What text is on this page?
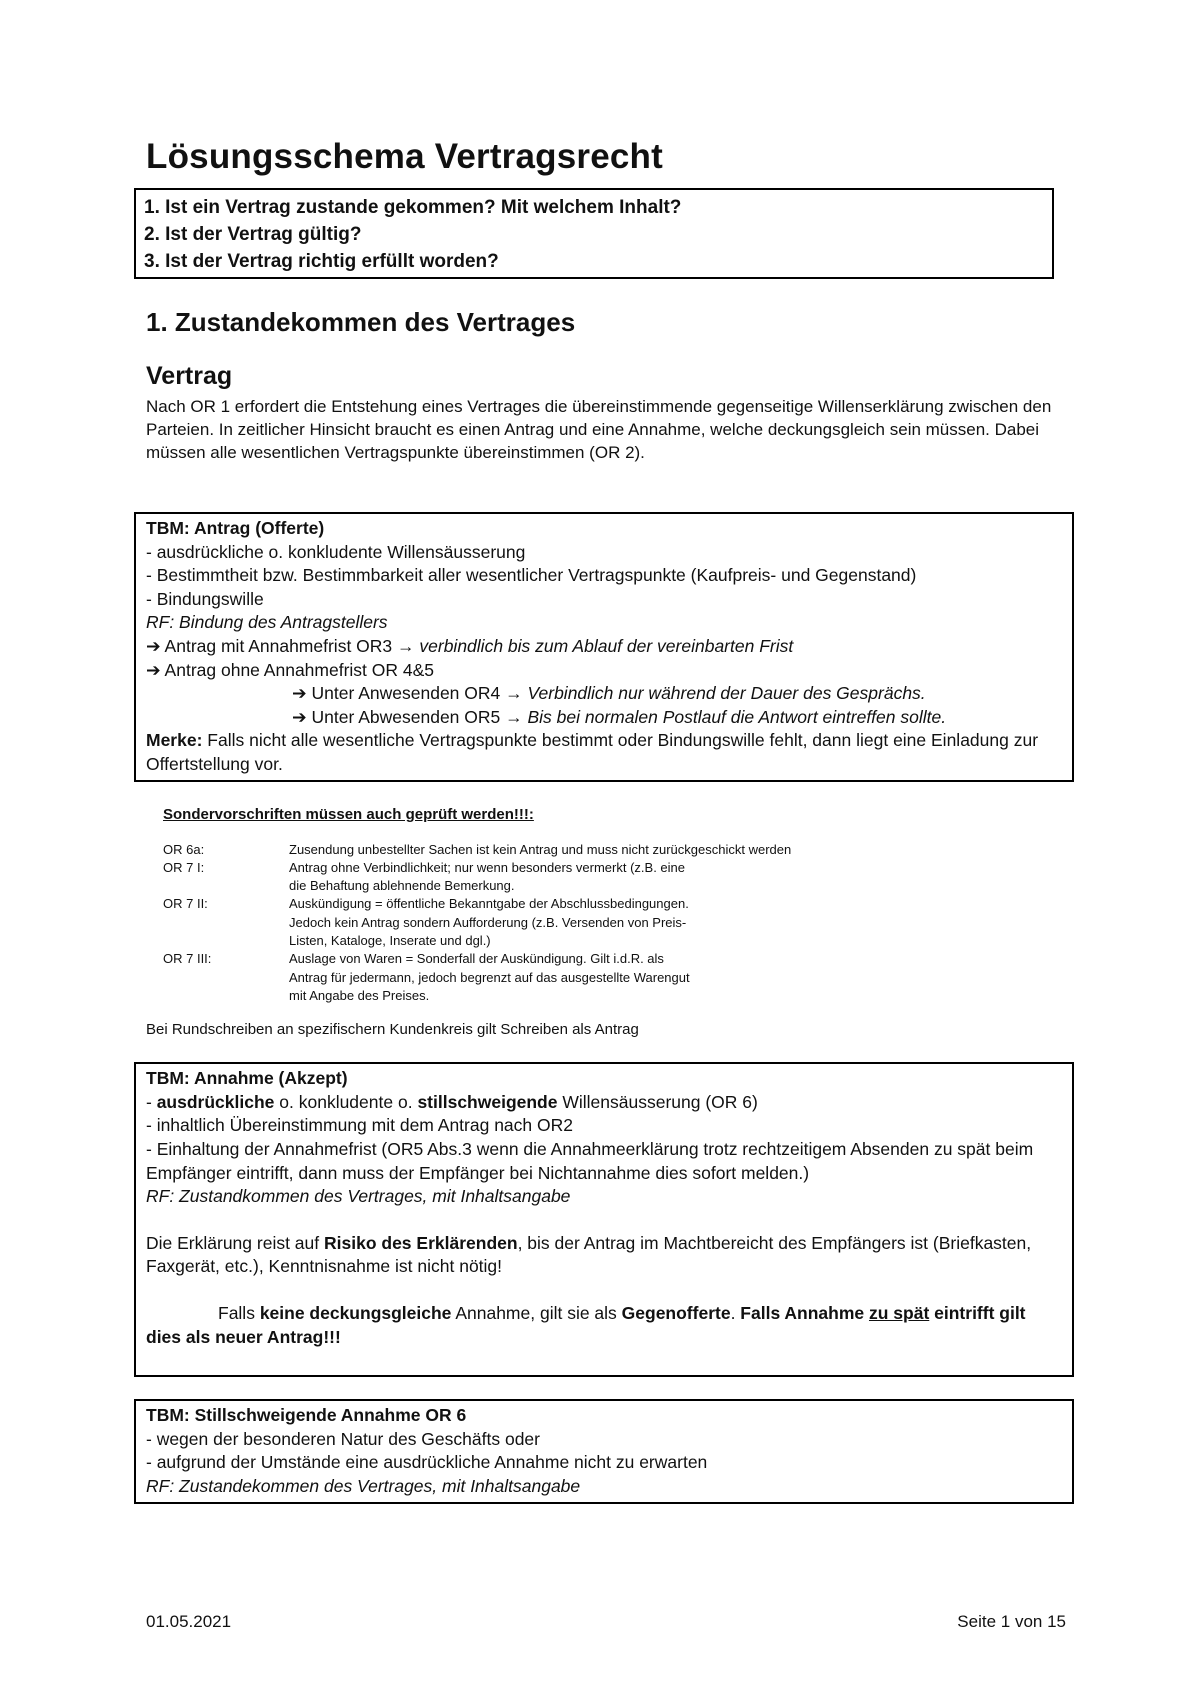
Lösungsschema Vertragsrecht
1. Ist ein Vertrag zustande gekommen? Mit welchem Inhalt?
2. Ist der Vertrag gültig?
3. Ist der Vertrag richtig erfüllt worden?
1. Zustandekommen des Vertrages
Vertrag

Nach OR 1 erfordert die Entstehung eines Vertrages die übereinstimmende gegenseitige Willenserklärung zwischen den Parteien. In zeitlicher Hinsicht braucht es einen Antrag und eine Annahme, welche deckungsgleich sein müssen. Dabei müssen alle wesentlichen Vertragspunkte übereinstimmen (OR 2).

TBM: Antrag (Offerte)
- ausdrückliche o. konkludente Willensäusserung
- Bestimmtheit bzw. Bestimmbarkeit aller wesentlicher Vertragspunkte (Kaufpreis- und Gegenstand)
- Bindungswille
RF: Bindung des Antragstellers
➔ Antrag mit Annahmefrist OR3 → verbindlich bis zum Ablauf der vereinbarten Frist
➔ Antrag ohne Annahmefrist OR 4&5
➔ Unter Anwesenden OR4 → Verbindlich nur während der Dauer des Gesprächs.
➔ Unter Abwesenden OR5 → Bis bei normalen Postlauf die Antwort eintreffen sollte.
Merke: Falls nicht alle wesentliche Vertragspunkte bestimmt oder Bindungswille fehlt, dann liegt eine Einladung zur Offertstellung vor.
Sondervorschriften müssen auch geprüft werden!!!:
OR 6a:	Zusendung unbestellter Sachen ist kein Antrag und muss nicht zurückgeschickt werden
OR 7 I:	Antrag ohne Verbindlichkeit; nur wenn besonders vermerkt (z.B. eine
die Behaftung ablehnende Bemerkung.
OR 7 II:	Auskündigung = öffentliche Bekanntgabe der Abschlussbedingungen.
Jedoch kein Antrag sondern Aufforderung (z.B. Versenden von Preis-
Listen, Kataloge, Inserate und dgl.)
OR 7 III:	Auslage von Waren = Sonderfall der Auskündigung. Gilt i.d.R. als
Antrag für jedermann, jedoch begrenzt auf das ausgestellte Warengut
mit Angabe des Preises.
Bei Rundschreiben an spezifischern Kundenkreis gilt Schreiben als Antrag
TBM: Annahme (Akzept)
- ausdrückliche o. konkludente o. stillschweigende Willensäusserung (OR 6)
- inhaltlich Übereinstimmung mit dem Antrag nach OR2
- Einhaltung der Annahmefrist (OR5 Abs.3 wenn die Annahmeerklärung trotz rechtzeitigem Absenden zu spät beim Empfänger eintrifft, dann muss der Empfänger bei Nichtannahme dies sofort melden.)
RF: Zustandkommen des Vertrages, mit Inhaltsangabe
Die Erklärung reist auf Risiko des Erklärenden, bis der Antrag im Machtbereicht des Empfängers ist (Briefkasten, Faxgerät, etc.), Kenntnisnahme ist nicht nötig!
Falls keine deckungsgleiche Annahme, gilt sie als Gegenofferte. Falls Annahme zu spät eintrifft gilt dies als neuer Antrag!!!
TBM: Stillschweigende Annahme OR 6
- wegen der besonderen Natur des Geschäfts oder
- aufgrund der Umstände eine ausdrückliche Annahme nicht zu erwarten
RF: Zustandekommen des Vertrages, mit Inhaltsangabe
01.05.2021	Seite 1 von 15
